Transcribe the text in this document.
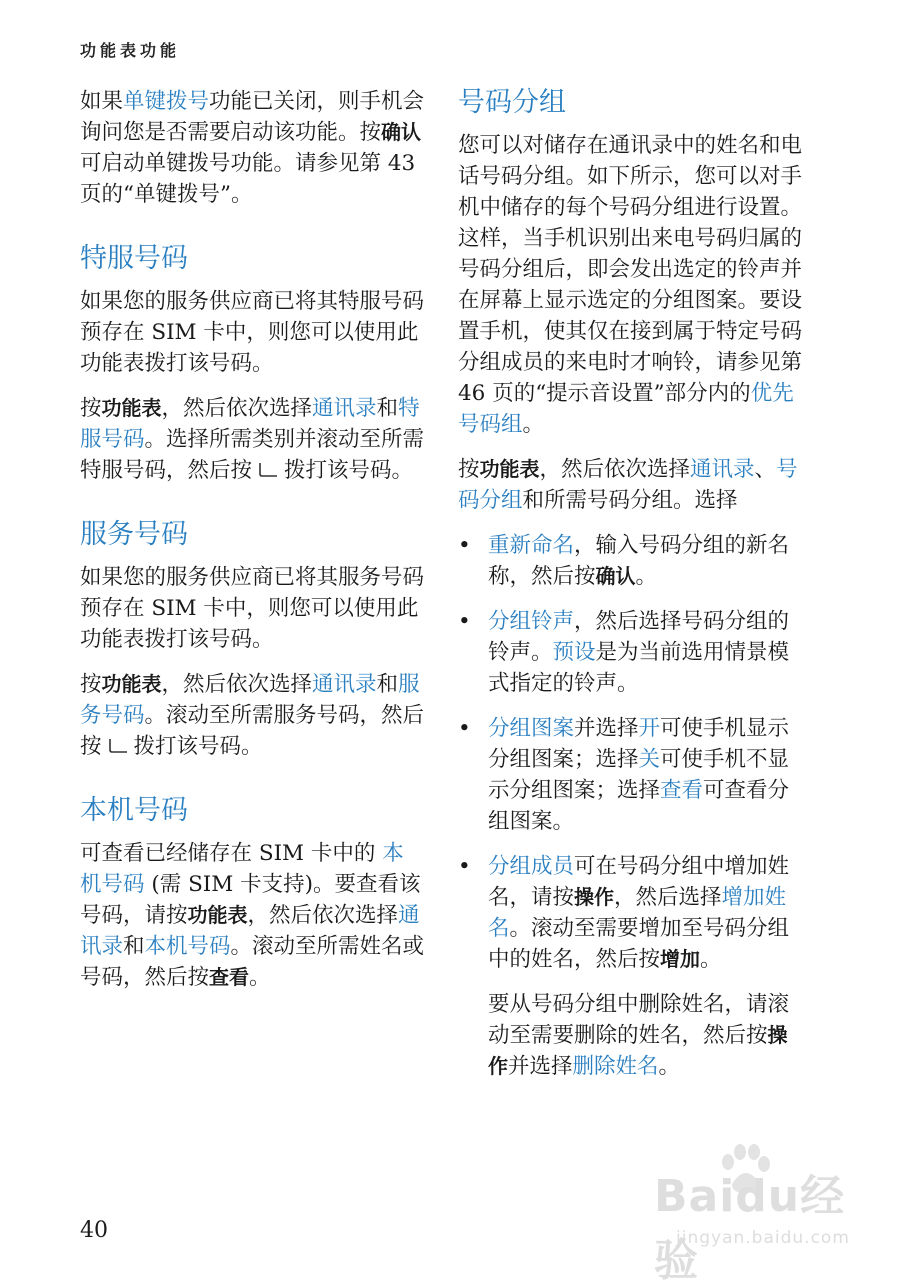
功能表功能

如果单键拨号功能已关闭，则手机会询问您是否需要启动该功能。按确认可启动单键拨号功能。请参见第 43 页的“单键拨号”。

特服号码

如果您的服务供应商已将其特服号码预存在 SIM 卡中，则您可以使用此功能表拨打该号码。

按功能表，然后依次选择通讯录和特服号码。选择所需类别并滚动至所需特服号码，然后按 拨打该号码。

服务号码

如果您的服务供应商已将其服务号码预存在 SIM 卡中，则您可以使用此功能表拨打该号码。

按功能表，然后依次选择通讯录和服务号码。滚动至所需服务号码，然后按 拨打该号码。

本机号码

可查看已经储存在 SIM 卡中的 本机号码 (需 SIM 卡支持)。要查看该号码，请按功能表，然后依次选择通讯录和本机号码。滚动至所需姓名或号码，然后按查看。

号码分组

您可以对储存在通讯录中的姓名和电话号码分组。如下所示，您可以对手机中储存的每个号码分组进行设置。这样，当手机识别出来电号码归属的号码分组后，即会发出选定的铃声并在屏幕上显示选定的分组图案。要设置手机，使其仅在接到属于特定号码分组成员的来电时才响铃，请参见第 46 页的“提示音设置”部分内的优先号码组。

按功能表，然后依次选择通讯录、号码分组和所需号码分组。选择

• 重新命名，输入号码分组的新名称，然后按确认。

• 分组铃声，然后选择号码分组的铃声。预设是为当前选用情景模式指定的铃声。

• 分组图案并选择开可使手机显示分组图案；选择关可使手机不显示分组图案；选择查看可查看分组图案。

• 分组成员可在号码分组中增加姓名，请按操作，然后选择增加姓名。滚动至需要增加至号码分组中的姓名，然后按增加。

要从号码分组中删除姓名，请滚动至需要删除的姓名，然后按操作并选择删除姓名。

40
Baidu经验
jingyan.baidu.com
